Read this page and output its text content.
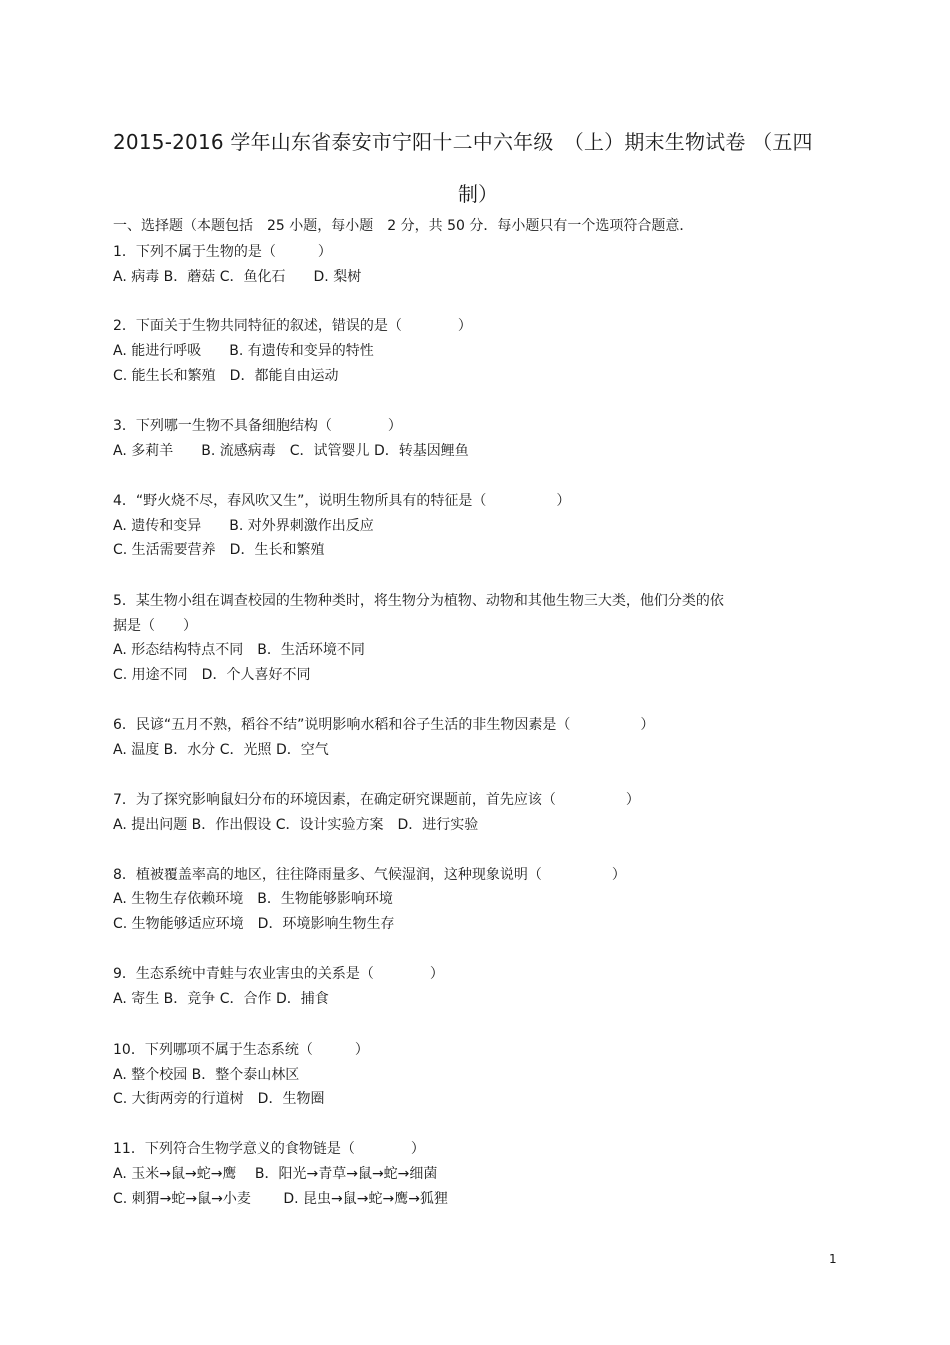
2015-2016 学年山东省泰安市宁阳十二中六年级　（上）期末生物试卷 （五四
制）
一、选择题（本题包括　25 小题，每小题　2 分，共 50 分．每小题只有一个选项符合题意．
1．下列不属于生物的是（　　　）
A. 病毒 B．蘑菇 C．鱼化石　　D. 梨树
2．下面关于生物共同特征的叙述，错误的是（　　　　）
A. 能进行呼吸　　B. 有遗传和变异的特性
C. 能生长和繁殖　D．都能自由运动
3．下列哪一生物不具备细胞结构（　　　　）
A. 多莉羊　　B. 流感病毒　C．试管婴儿 D．转基因鲤鱼
4．“野火烧不尽，春风吹又生”，说明生物所具有的特征是（　　　　　）
A. 遗传和变异　　B. 对外界刺激作出反应
C. 生活需要营养　D．生长和繁殖
5．某生物小组在调查校园的生物种类时，将生物分为植物、动物和其他生物三大类，他们分类的依
据是（　　）
A. 形态结构特点不同　B．生活环境不同
C. 用途不同　D．个人喜好不同
6．民谚“五月不熟，稻谷不结”说明影响水稻和谷子生活的非生物因素是（　　　　　）
A. 温度 B．水分 C．光照 D．空气
7．为了探究影响鼠妇分布的环境因素，在确定研究课题前，首先应该（　　　　　）
A. 提出问题 B．作出假设 C．设计实验方案　D．进行实验
8．植被覆盖率高的地区，往往降雨量多、气候湿润，这种现象说明（　　　　　）
A. 生物生存依赖环境　B．生物能够影响环境
C. 生物能够适应环境　D．环境影响生物生存
9．生态系统中青蛙与农业害虫的关系是（　　　　）
A. 寄生 B．竞争 C．合作 D．捕食
10．下列哪项不属于生态系统（　　　）
A. 整个校园 B．整个泰山林区
C. 大街两旁的行道树　D．生物圈
11．下列符合生物学意义的食物链是（　　　　）
A. 玉米→鼠→蛇→鹰　 B．阳光→青草→鼠→蛇→细菌
C. 刺猬→蛇→鼠→小麦　　 D. 昆虫→鼠→蛇→鹰→狐狸
1
